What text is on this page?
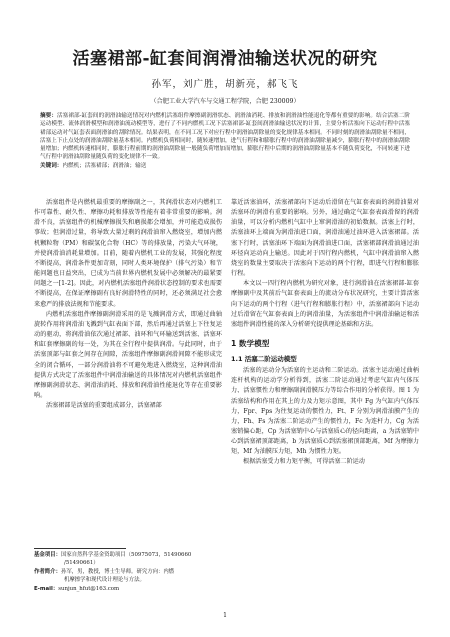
活塞裙部-缸套间润滑油输送状况的研究
孙军，刘广胜，胡新亮，郝飞飞
（合肥工业大学汽车与交通工程学院，合肥 230009）
摘要：活塞裙部-缸套间的润滑油输送情况对内燃机活塞组件摩擦副润滑状态、润滑油消耗、排放和润滑油性能退化等都有重要的影响。结合活塞二阶运动模型、流体润滑模型和润滑油流动模型等，进行了不同内燃机工况下活塞裙部-缸套间润滑油输送状况的计算，主要分析活塞向下运动行程中活塞裙部运动对气缸套表面润滑油的刮除情况。结果表明，在不同工况下对应行程中润滑油刮除量的变化规律基本相同。不同时刻的润滑油刮除量不相同，活塞上下止点处的润滑油刮除量基本相同。内燃机负荷相同时，随转速增加，进气行程和和膨胀行程中的润滑油刮除量减少，膨胀行程中的润滑油刮除量增加；内燃机转速相同时，膨胀行程前期的润滑油刮除量一般随负荷增加而增加，膨胀行程中后期的润滑油刮除量基本不随负荷变化，不同转速下进气行程中润滑油刮除量随负荷的变化规律不一致。
关键词：内燃机；活塞裙部；润滑油；输送

活塞组件是内燃机最重要的摩擦副之一，其润滑状态对内燃机工作可靠性、耐久性、摩擦功耗和排放等性能有着非常重要的影响。润滑不良，活塞组件的机械摩擦损失和磨损都会增加，并可能造成损伤事故；但润滑过量，将导致大量过剩的润滑油窜入燃烧室，增加内燃机颗粒物（PM）和碳氢化合物（HC）等的排放量，污染大气环境，并使润滑油消耗量增加。目前，随着内燃机工业的发展，其强化程度不断提高，润滑条件更加苛刻，同时人类环境保护（排气污染）和节能问题也日益突出，已成为当前世界内燃机发展中必须解决的最紧要问题之一[1-2]。因此，对内燃机活塞组件润滑状态控制的要求也需要不断提高，在保证摩擦副有良好润滑特性的同时，还必须满足社会愈来愈严的排放法规和节能要求。

内燃机活塞组件摩擦副润滑采用的是飞溅润滑方式，即通过曲轴旋转作用将润滑油飞溅到气缸表面下部，然后再通过活塞上下往复运动的驱动，将润滑油依次通过裙部、油环和气环输送到活塞、活塞环和缸套摩擦副的每一处，为其在全行程中提供润滑。与此同时，由于活塞顶部与缸套之间存在间隙，活塞组件摩擦副润滑间隙不能形成完全的闭合循环，一部分润滑油将不可避免地进入燃烧室，这种润滑油提供方式决定了活塞组件中润滑油输送的具体情况对内燃机活塞组件摩擦副润滑状态、润滑油消耗、排放和润滑油性能退化等存在重要影响。

活塞裙部是活塞的重要组成部分，活塞裙部

靠近活塞油环，活塞裙部向下运动后滑留在气缸套表面的润滑油量对活塞环的润滑有重要的影响。另外，通过确定气缸套表面滑留的润滑油量，可以分析内燃机气缸中上窜润滑油的初始数据。活塞上行时，活塞油环上端面为润滑油进口面，润滑油通过油环进入活塞裙部。活塞下行时，活塞油环下端面为润滑油进口面，活塞裙部润滑油通过油环径向运动向上输送。因此对于四行程内燃机，气缸中润滑油窜入燃烧室的数量主要取决于活塞向下运动的两个行程，即进气行程和膨胀行程。

本文以一四行程内燃机为研究对象，进行润滑油在活塞裙部-缸套摩擦副中及其前后气缸套表面上的流动分布状况研究，主要计算活塞向下运动的两个行程（进气行程和膨胀行程）中，活塞裙部向下运动过后滑留在气缸套表面上的润滑油量，为活塞组件中润滑油输运和活塞组件润滑性能的深入分析研究提供理论基础和方法。

1 数学模型
1.1 活塞二阶运动模型

活塞的运动分为活塞的主运动和二阶运动。活塞主运动通过曲柄连杆机构的运动学分析得到，活塞二阶运动通过考虑气缸内气体压力、活塞惯性力和摩擦副润滑膜压力等综合作用的分析获得。图 1 为活塞结构和作用在其上的力及力矩示意图，其中 Fg 为气缸内气体压力，Fpr、Fps 为往复运动的惯性力，Ft、F 分别为润滑油膜产生的力，Fh、Fs 为活塞二阶运动产生的惯性力，Fc 为连杆力，Cg 为活塞销偏心距，Cp 为活塞销中心与活塞质心的径向距离，a 为活塞销中心到活塞裙顶部距离，b 为活塞质心到活塞裙顶部距离，Mf 为摩擦力矩，Mf 为油膜压力矩，Mh 为惯性力矩。

根据活塞受力和力矩平衡，可得活塞二阶运动

基金项目：国家自然科学基金资助项目（50975073，51490660

/51490661）

作者简介：孙军，男，教授，博士生导师。研究方向：内燃

机摩擦学和现代设计理论与方法。

E-mail：sunjun_hfut@163.com

1
